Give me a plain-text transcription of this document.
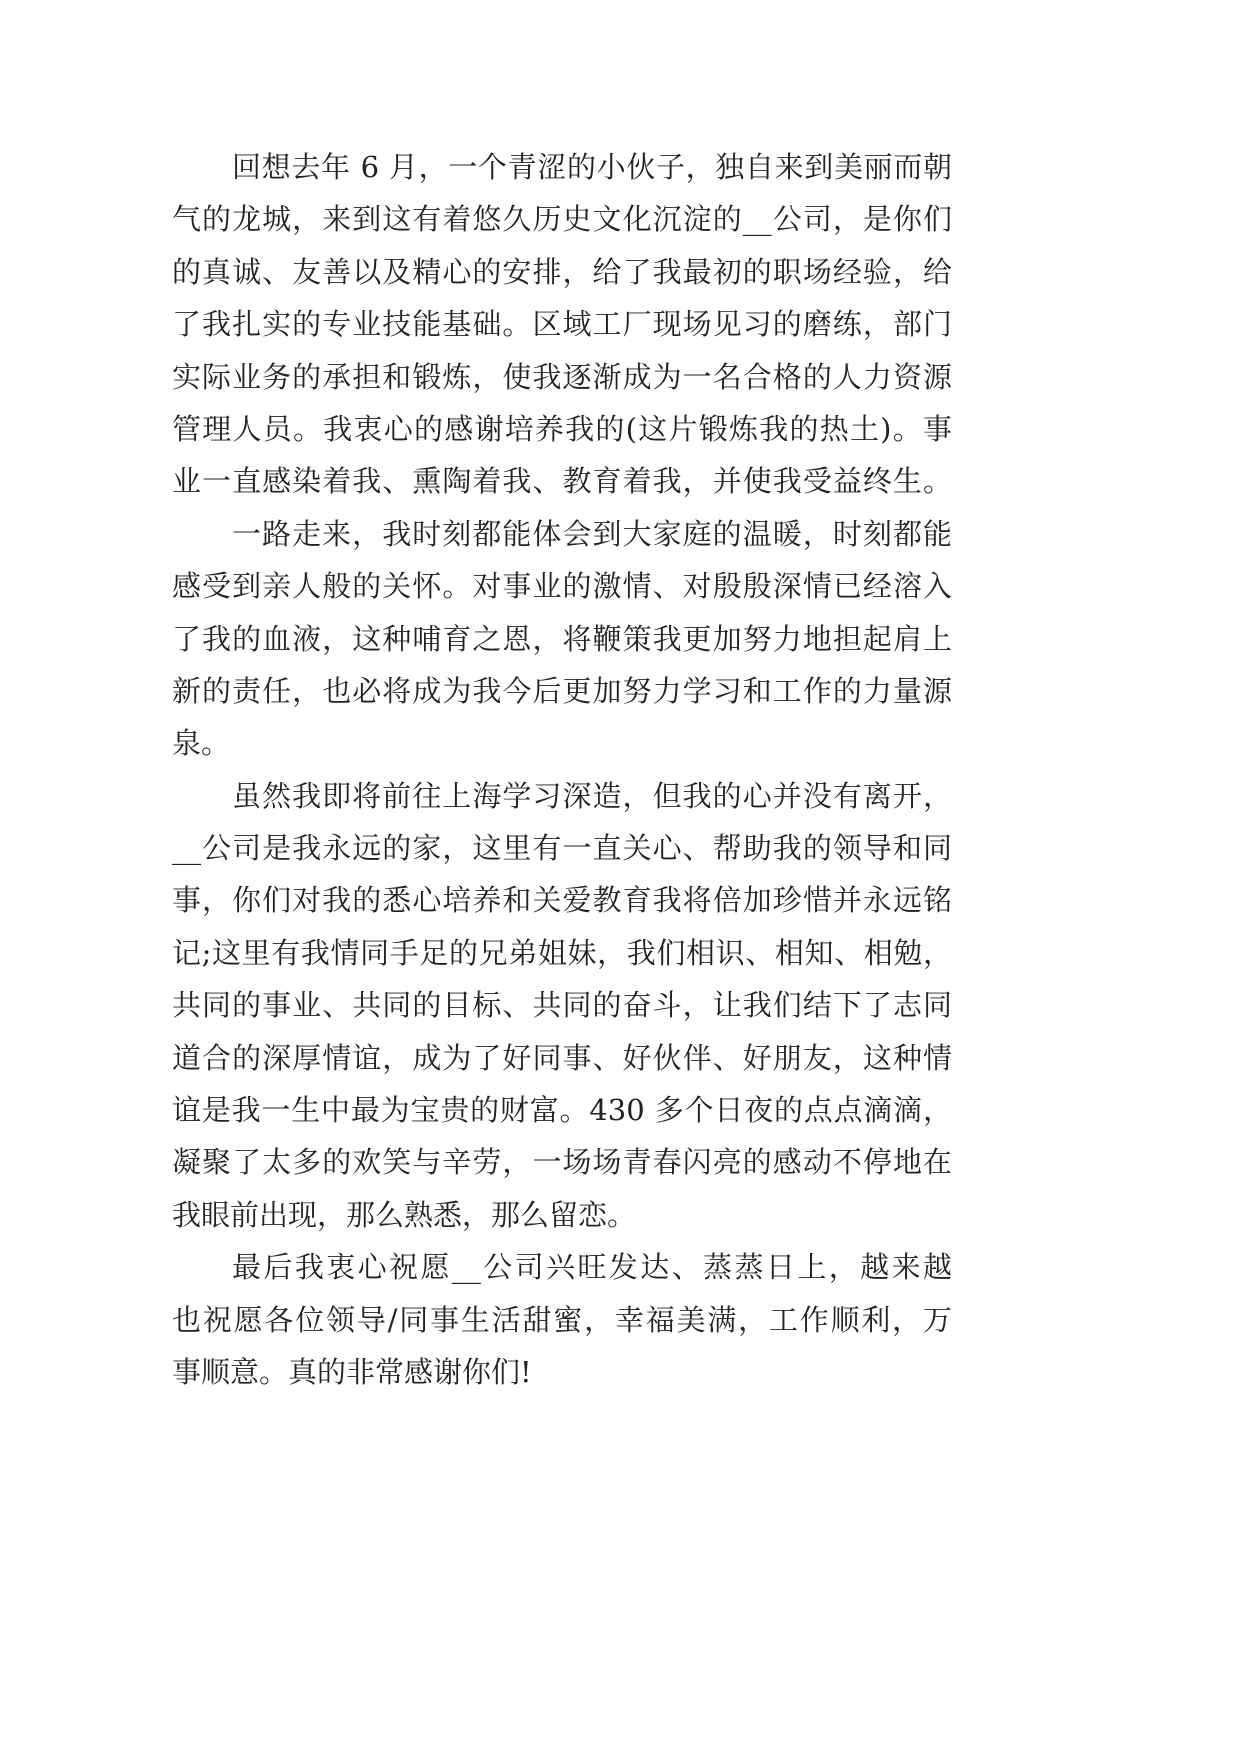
回想去年 6 月，一个青涩的小伙子，独自来到美丽而朝
气的龙城，来到这有着悠久历史文化沉淀的__公司，是你们
的真诚、友善以及精心的安排，给了我最初的职场经验，给
了我扎实的专业技能基础。区域工厂现场见习的磨练，部门
实际业务的承担和锻炼，使我逐渐成为一名合格的人力资源
管理人员。我衷心的感谢培养我的(这片锻炼我的热土)。事
业一直感染着我、熏陶着我、教育着我，并使我受益终生。
一路走来，我时刻都能体会到大家庭的温暖，时刻都能
感受到亲人般的关怀。对事业的激情、对殷殷深情已经溶入
了我的血液，这种哺育之恩，将鞭策我更加努力地担起肩上
新的责任，也必将成为我今后更加努力学习和工作的力量源
泉。
虽然我即将前往上海学习深造，但我的心并没有离开，
__公司是我永远的家，这里有一直关心、帮助我的领导和同
事，你们对我的悉心培养和关爱教育我将倍加珍惜并永远铭
记;这里有我情同手足的兄弟姐妹，我们相识、相知、相勉，
共同的事业、共同的目标、共同的奋斗，让我们结下了志同
道合的深厚情谊，成为了好同事、好伙伴、好朋友，这种情
谊是我一生中最为宝贵的财富。430 多个日夜的点点滴滴，
凝聚了太多的欢笑与辛劳，一场场青春闪亮的感动不停地在
我眼前出现，那么熟悉，那么留恋。
最后我衷心祝愿__公司兴旺发达、蒸蒸日上，越来越
也祝愿各位领导/同事生活甜蜜，幸福美满，工作顺利，万
事顺意。真的非常感谢你们!
